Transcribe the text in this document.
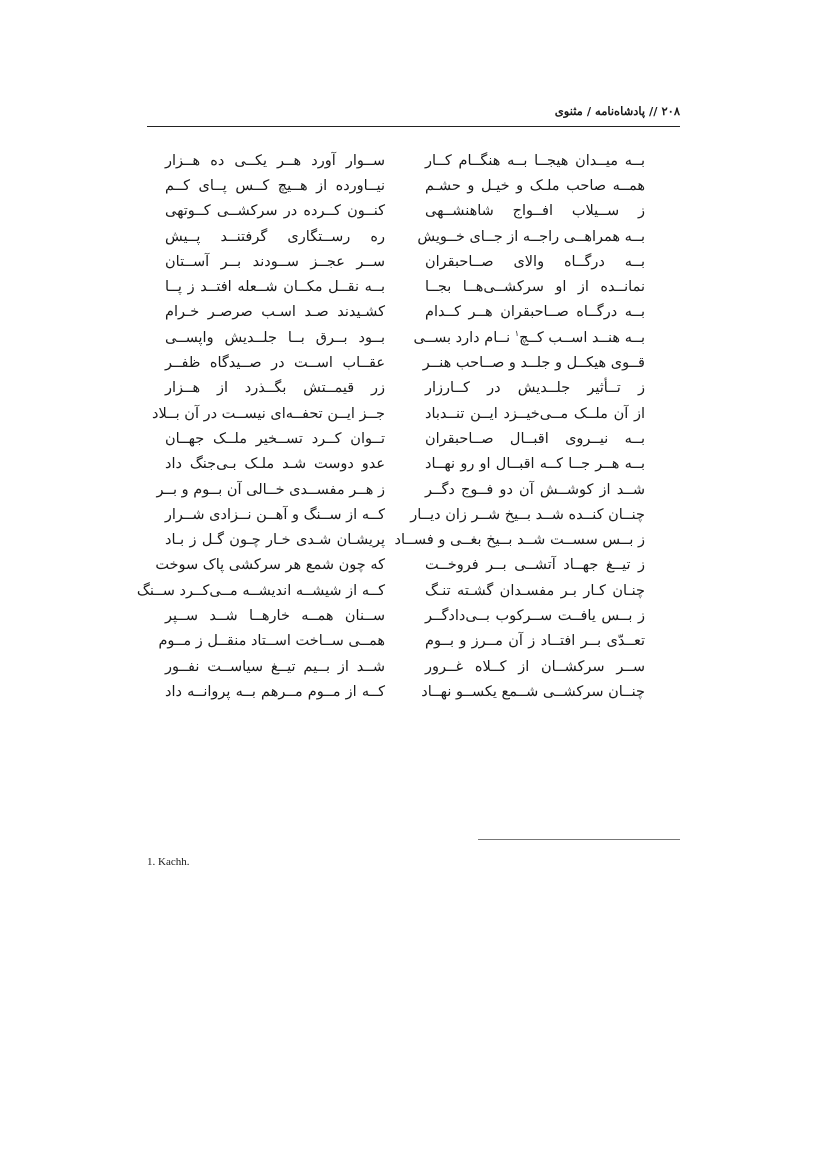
۲۰۸ // پادشاه‌نامه / مثنوی
بــه میــدان هیجــا بــه هنگــام کــار
ســوار آورد هــر یکــی ده هــزار
همــه صاحب ملـک و خیـل و حشـم
نیــاورده از هــیچ کــس پــای کــم
ز ســیلاب افــواج شاهنشــهی
کنــون کــرده در سرکشــی کــوتهی
بــه همراهــی راجــه از جــای خــویش
ره رســتگاری گرفتنــد پــیش
بــه درگــاه والای صــاحبقران
ســر عجــز ســودند بــر آســتان
نمانــده از او سرکشــی‌هــا بجــا
بــه نقــل مکــان شــعله افتــد ز پــا
بــه درگــاه صــاحبقران هــر کــدام
کشـیدند صـد اسـب صرصـر خـرام
بــه هنــد اســب کــچ$^۱$ نــام دارد بســی
بــود بــرق بــا جلــدیش واپســی
قــوی هیکــل و جلــد و صــاحب هنــر
عقــاب اســت در صــیدگاه ظفــر
ز تــأثیر جلــدیش در کــارزار
زر قیمــتش بگــذرد از هــزار
از آن ملــک مــی‌خیــزد ایــن تنــدباد
جــز ایــن تحفــه‌ای نیســت در آن بــلاد
بــه نیــروی اقبــال صــاحبقران
تــوان کــرد تســخیر ملــک جهــان
بــه هــر جــا کــه اقبــال او رو نهــاد
عدو دوست شـد ملـک بـی‌جنگ داد
شــد از کوشــش آن دو فــوج دگــر
ز هــر مفســدی خــالی آن بــوم و بــر
چنــان کنــده شــد بــیخ شــر زان دیــار
کــه از ســنگ و آهــن نــزادی شــرار
ز بــس سســت شــد بــیخ بغــی و فســاد
پریشـان شـدی خـار چـون گـل ز بـاد
ز تیــغ جهــاد آتشــی بــر فروخــت
که چون شمع هر سرکشی پاک سوخت
چنـان کـار بـر مفسـدان گشـته تنـگ
کــه از شیشــه اندیشــه مــی‌کــرد ســنگ
ز بــس یافــت ســرکوب بــی‌دادگــر
ســنان همــه خارهــا شــد ســپر
تعــدّی بــر افتــاد ز آن مــرز و بــوم
همــی ســاخت اســتاد منقــل ز مــوم
ســر سرکشــان از کــلاه غــرور
شــد از بــیم تیــغ سیاســت نفــور
چنــان سرکشــی شــمع یکســو نهــاد
کــه از مــوم مــرهم بــه پروانــه داد
1. Kachh.
